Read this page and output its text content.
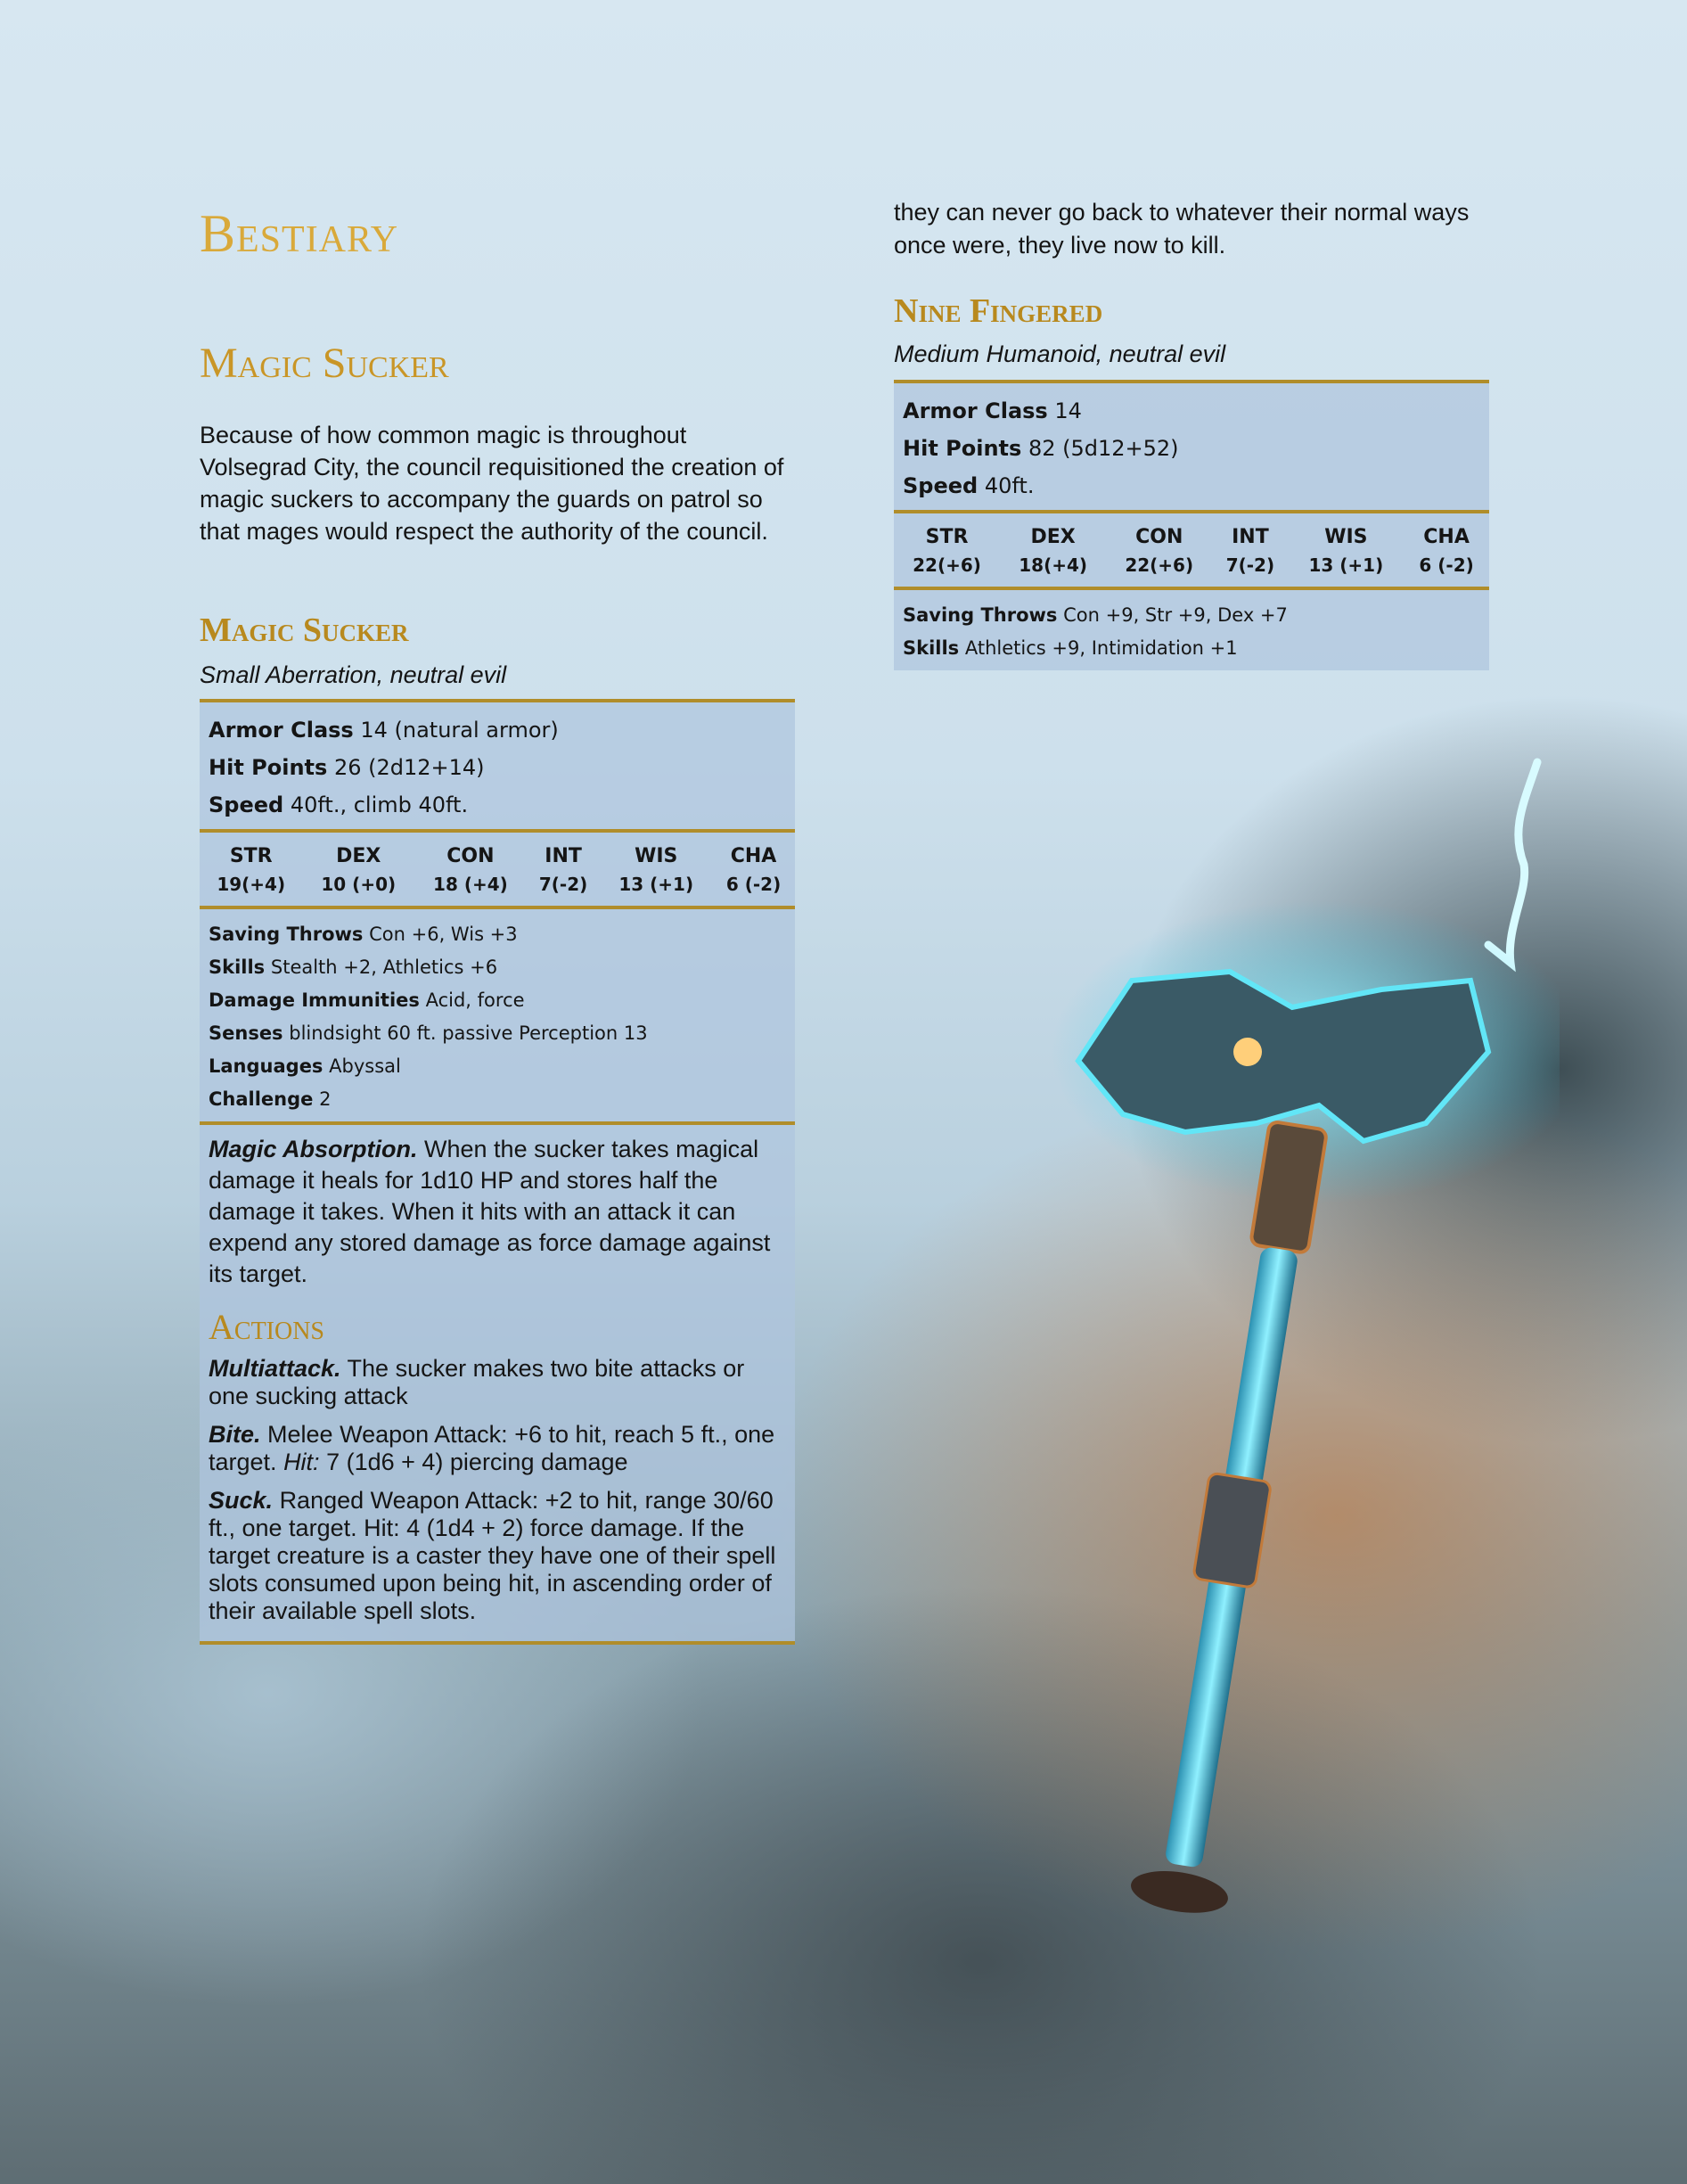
Bestiary
Magic Sucker

Because of how common magic is throughout Volsegrad City, the council requisitioned the creation of magic suckers to accompany the guards on patrol so that mages would respect the authority of the council.

Magic Sucker

Small Aberration, neutral evil

Armor Class 14 (natural armor)
Hit Points 26 (2d12+14)
Speed 40ft., climb 40ft.
STR	DEX	CON	INT	WIS	CHA
19(+4)	10 (+0)	18 (+4)	7(-2)	13 (+1)	6 (-2)
Saving Throws Con +6, Wis +3
Skills Stealth +2, Athletics +6
Damage Immunities Acid, force
Senses blindsight 60 ft. passive Perception 13
Languages Abyssal
Challenge 2
Magic Absorption. When the sucker takes magical damage it heals for 1d10 HP and stores half the damage it takes. When it hits with an attack it can expend any stored damage as force damage against its target.
Actions
Multiattack. The sucker makes two bite attacks or one sucking attack
Bite. Melee Weapon Attack: +6 to hit, reach 5 ft., one target. Hit: 7 (1d6 + 4) piercing damage
Suck. Ranged Weapon Attack: +2 to hit, range 30/60 ft., one target. Hit: 4 (1d4 + 2) force damage. If the target creature is a caster they have one of their spell slots consumed upon being hit, in ascending order of their available spell slots.

they can never go back to whatever their normal ways once were, they live now to kill.

Nine Fingered

Medium Humanoid, neutral evil

Armor Class 14
Hit Points 82 (5d12+52)
Speed 40ft.
STR	DEX	CON	INT	WIS	CHA
22(+6)	18(+4)	22(+6)	7(-2)	13 (+1)	6 (-2)
Saving Throws Con +9, Str +9, Dex +7
Skills Athletics +9, Intimidation +1
